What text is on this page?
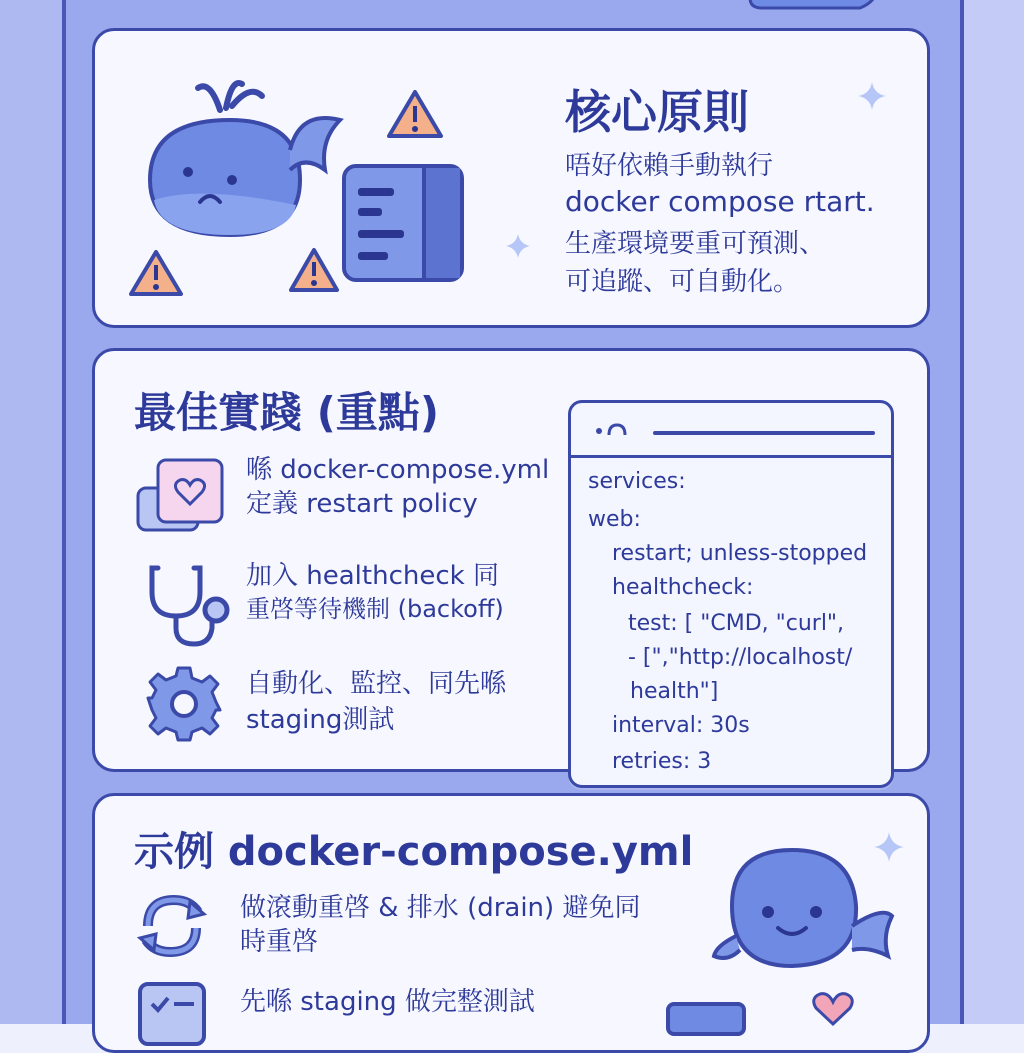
核心原則
唔好依賴手動執行
docker compose rtart.
生產環境要重可預測、
可追蹤、可自動化。
最佳實踐 (重點)
喺 docker-compose.yml
定義 restart policy
加入 healthcheck 同
重啓等待機制 (backoff)
自動化、監控、同先喺
staging測試
services:
web:
restart; unless-stopped
healthcheck:
test: [ "CMD, "curl",
- [","http://localhost/
health"]
interval: 30s
retries: 3
示例 docker-compose.yml
做滾動重啓 & 排水 (drain) 避免同
時重啓
先喺 staging 做完整測試
